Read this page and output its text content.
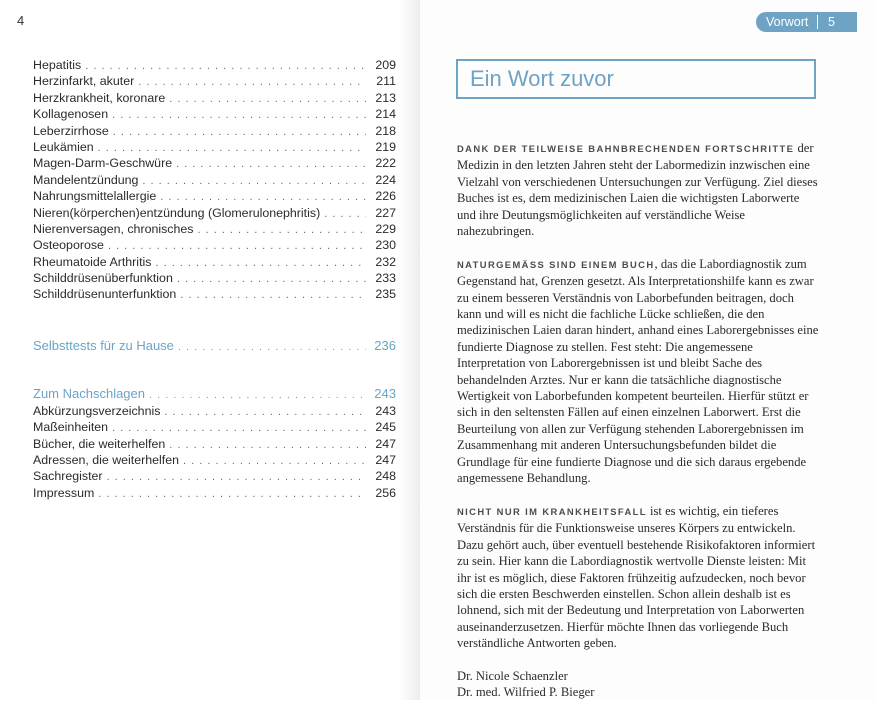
4
Hepatitis . . .	209
Herzinfarkt, akuter . . .	211
Herzkrankheit, koronare . . .	213
Kollagenosen . . .	214
Leberzirrhose . . .	218
Leukämien . . .	219
Magen-Darm-Geschwüre . . .	222
Mandelentzündung . . .	224
Nahrungsmittelallergie . . .	226
Nieren(körperchen)entzündung (Glomerulonephritis) . . .	227
Nierenversagen, chronisches . . .	229
Osteoporose . . .	230
Rheumatoide Arthritis . . .	232
Schilddrüsenüberfunktion . . .	233
Schilddrüsenunterfunktion . . .	235
Selbsttests für zu Hause . . .	236
Zum Nachschlagen . . .	243
Abkürzungsverzeichnis . . .	243
Maßeinheiten . . .	245
Bücher, die weiterhelfen . . .	247
Adressen, die weiterhelfen . . .	247
Sachregister . . .	248
Impressum . . .	256
Vorwort 5
Ein Wort zuvor

DANK DER TEILWEISE BAHNBRECHENDEN FORTSCHRITTE der Medizin in den letzten Jahren steht der Labormedizin inzwischen eine Vielzahl von verschiedenen Untersuchungen zur Verfügung. Ziel dieses Buches ist es, dem medizinischen Laien die wichtigsten Laborwerte und ihre Deutungsmöglichkeiten auf verständliche Weise nahezubringen.

NATURGEMÄSS SIND EINEM BUCH, das die Labordiagnostik zum Gegenstand hat, Grenzen gesetzt. Als Interpretationshilfe kann es zwar zu einem besseren Verständnis von Laborbefunden beitragen, doch kann und will es nicht die fachliche Lücke schließen, die den medizinischen Laien daran hindert, anhand eines Laborergebnisses eine fundierte Diagnose zu stellen. Fest steht: Die angemessene Interpretation von Laborergebnissen ist und bleibt Sache des behandelnden Arztes. Nur er kann die tatsächliche diagnostische Wertigkeit von Laborbefunden kompetent beurteilen. Hierfür stützt er sich in den seltensten Fällen auf einen einzelnen Laborwert. Erst die Beurteilung von allen zur Verfügung stehenden Laborergebnissen im Zusammenhang mit anderen Untersuchungsbefunden bildet die Grundlage für eine fundierte Diagnose und die sich daraus ergebende angemessene Behandlung.

NICHT NUR IM KRANKHEITSFALL ist es wichtig, ein tieferes Verständnis für die Funktionsweise unseres Körpers zu entwickeln. Dazu gehört auch, über eventuell bestehende Risikofaktoren informiert zu sein. Hier kann die Labordiagnostik wertvolle Dienste leisten: Mit ihr ist es möglich, diese Faktoren frühzeitig aufzudecken, noch bevor sich die ersten Beschwerden einstellen. Schon allein deshalb ist es lohnend, sich mit der Bedeutung und Interpretation von Laborwerten auseinanderzusetzen. Hierfür möchte Ihnen das vorliegende Buch verständliche Antworten geben.

Dr. Nicole Schaenzler
Dr. med. Wilfried P. Bieger
